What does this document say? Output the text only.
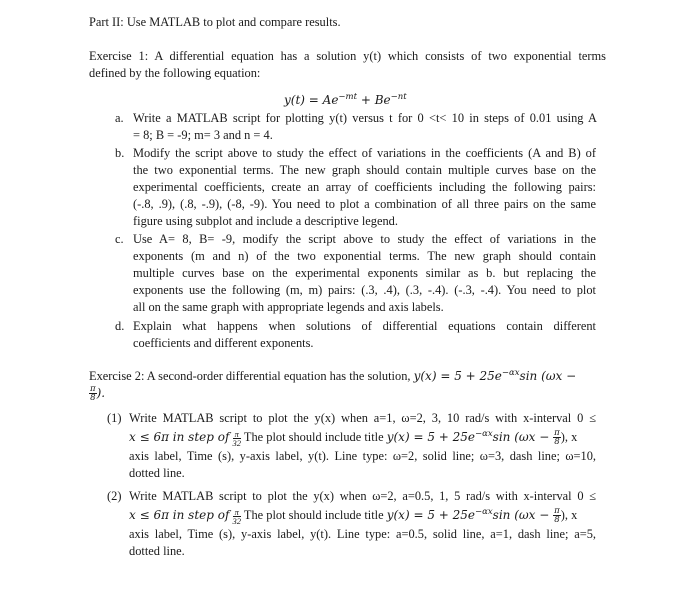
Part II: Use MATLAB to plot and compare results.
Exercise 1: A differential equation has a solution y(t) which consists of two exponential terms
defined by the following equation:
$y(t) = Ae^{-mt} + Be^{-nt}$
a. Write a MATLAB script for plotting y(t) versus t for 0 <t< 10 in steps of 0.01 using A
= 8; B = -9; m= 3 and n = 4.
b. Modify the script above to study the effect of variations in the coefficients (A and B) of
the two exponential terms. The new graph should contain multiple curves base on the
experimental coefficients, create an array of coefficients including the following pairs:
(-.8, .9), (.8, -.9), (-8, -9). You need to plot a combination of all three pairs on the same
figure using subplot and include a descriptive legend.
c. Use A= 8, B= -9, modify the script above to study the effect of variations in the
exponents (m and n) of the two exponential terms. The new graph should contain
multiple curves base on the experimental exponents similar as b. but replacing the
exponents use the following (m, m) pairs: (.3, .4), (.3, -.4). (-.3, -.4). You need to plot
all on the same graph with appropriate legends and axis labels.
d. Explain what happens when solutions of differential equations contain different
coefficients and different exponents.
Exercise 2: A second-order differential equation has the solution, $y(x) = 5 + 25e^{-\alpha x}\sin$ (ωx −
$\frac{\pi}{8}$ ).
(1) Write MATLAB script to plot the y(x) when a=1, ω=2, 3, 10 rad/s with x-interval 0 ≤
x ≤ 6π in step of $\frac{\pi}{32}$ The plot should include title $y(x) = 5 + 25e^{-\alpha x}\sin$ ($\omega x - \frac{\pi}{8}$ ), x
axis label, Time (s), y-axis label, y(t). Line type: ω=2, solid line; ω=3, dash line; ω=10,
dotted line.
(2) Write MATLAB script to plot the y(x) when ω=2, a=0.5, 1, 5 rad/s with x-interval 0 ≤
x ≤ 6π in step of $\frac{\pi}{32}$ The plot should include title $y(x) = 5 + 25e^{-\alpha x}\sin$ ($\omega x - \frac{\pi}{8}$ ), x
axis label, Time (s), y-axis label, y(t). Line type: a=0.5, solid line, a=1, dash line; a=5,
dotted line.
